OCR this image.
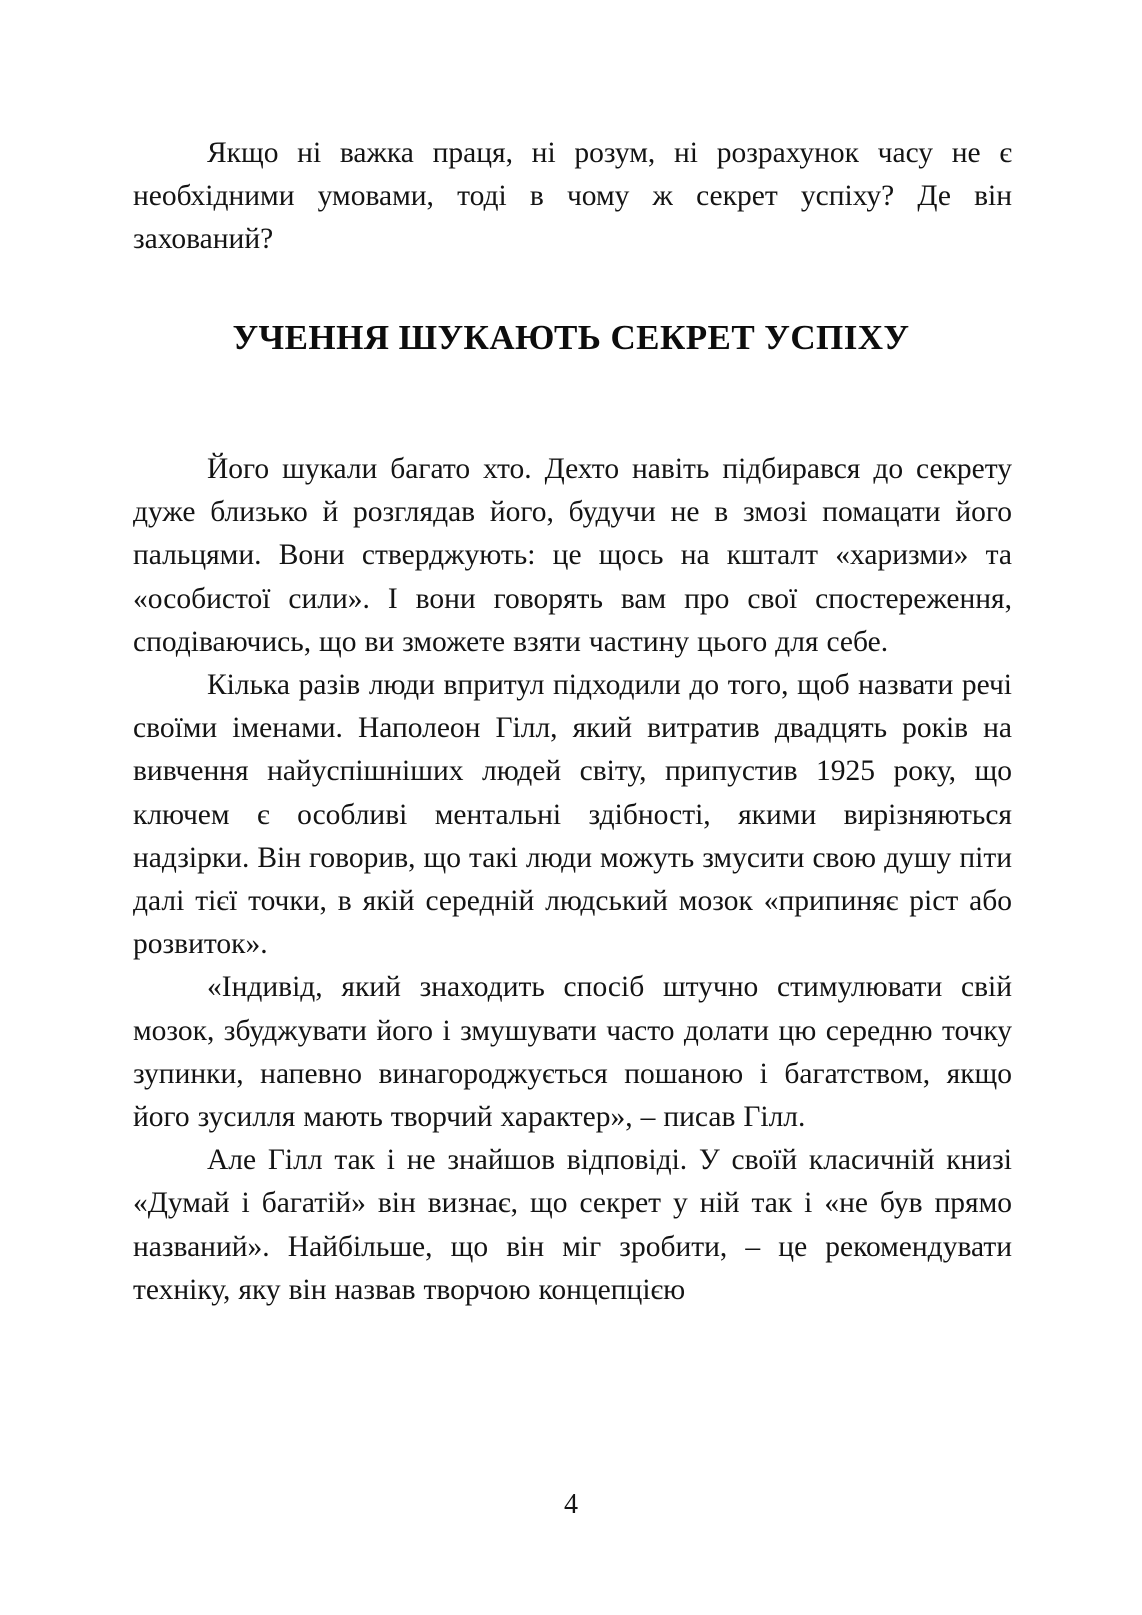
Якщо ні важка праця, ні розум, ні розрахунок часу не є необхідними умовами, тоді в чому ж секрет успіху? Де він захований?

УЧЕННЯ ШУКАЮТЬ СЕКРЕТ УСПІХУ

Його шукали багато хто. Дехто навіть підбирався до секрету дуже близько й розглядав його, будучи не в змозі помацати його пальцями. Вони стверджують: це щось на кшталт «харизми» та «особистої сили». І вони говорять вам про свої спостереження, сподіваючись, що ви зможете взяти частину цього для себе.

Кілька разів люди впритул підходили до того, щоб назвати речі своїми іменами. Наполеон Гілл, який витратив двадцять років на вивчення найуспішніших людей світу, припустив 1925 року, що ключем є особливі ментальні здібності, якими вирізняються надзірки. Він говорив, що такі люди можуть змусити свою душу піти далі тієї точки, в якій середній людський мозок «припиняє ріст або розвиток».

«Індивід, який знаходить спосіб штучно стимулювати свій мозок, збуджувати його і змушувати часто долати цю середню точку зупинки, напевно винагороджується пошаною і багатством, якщо його зусилля мають творчий характер», – писав Гілл.

Але Гілл так і не знайшов відповіді. У своїй класичній книзі «Думай і багатій» він визнає, що секрет у ній так і «не був прямо названий». Найбільше, що він міг зробити, – це рекомендувати техніку, яку він назвав творчою концепцією

4
